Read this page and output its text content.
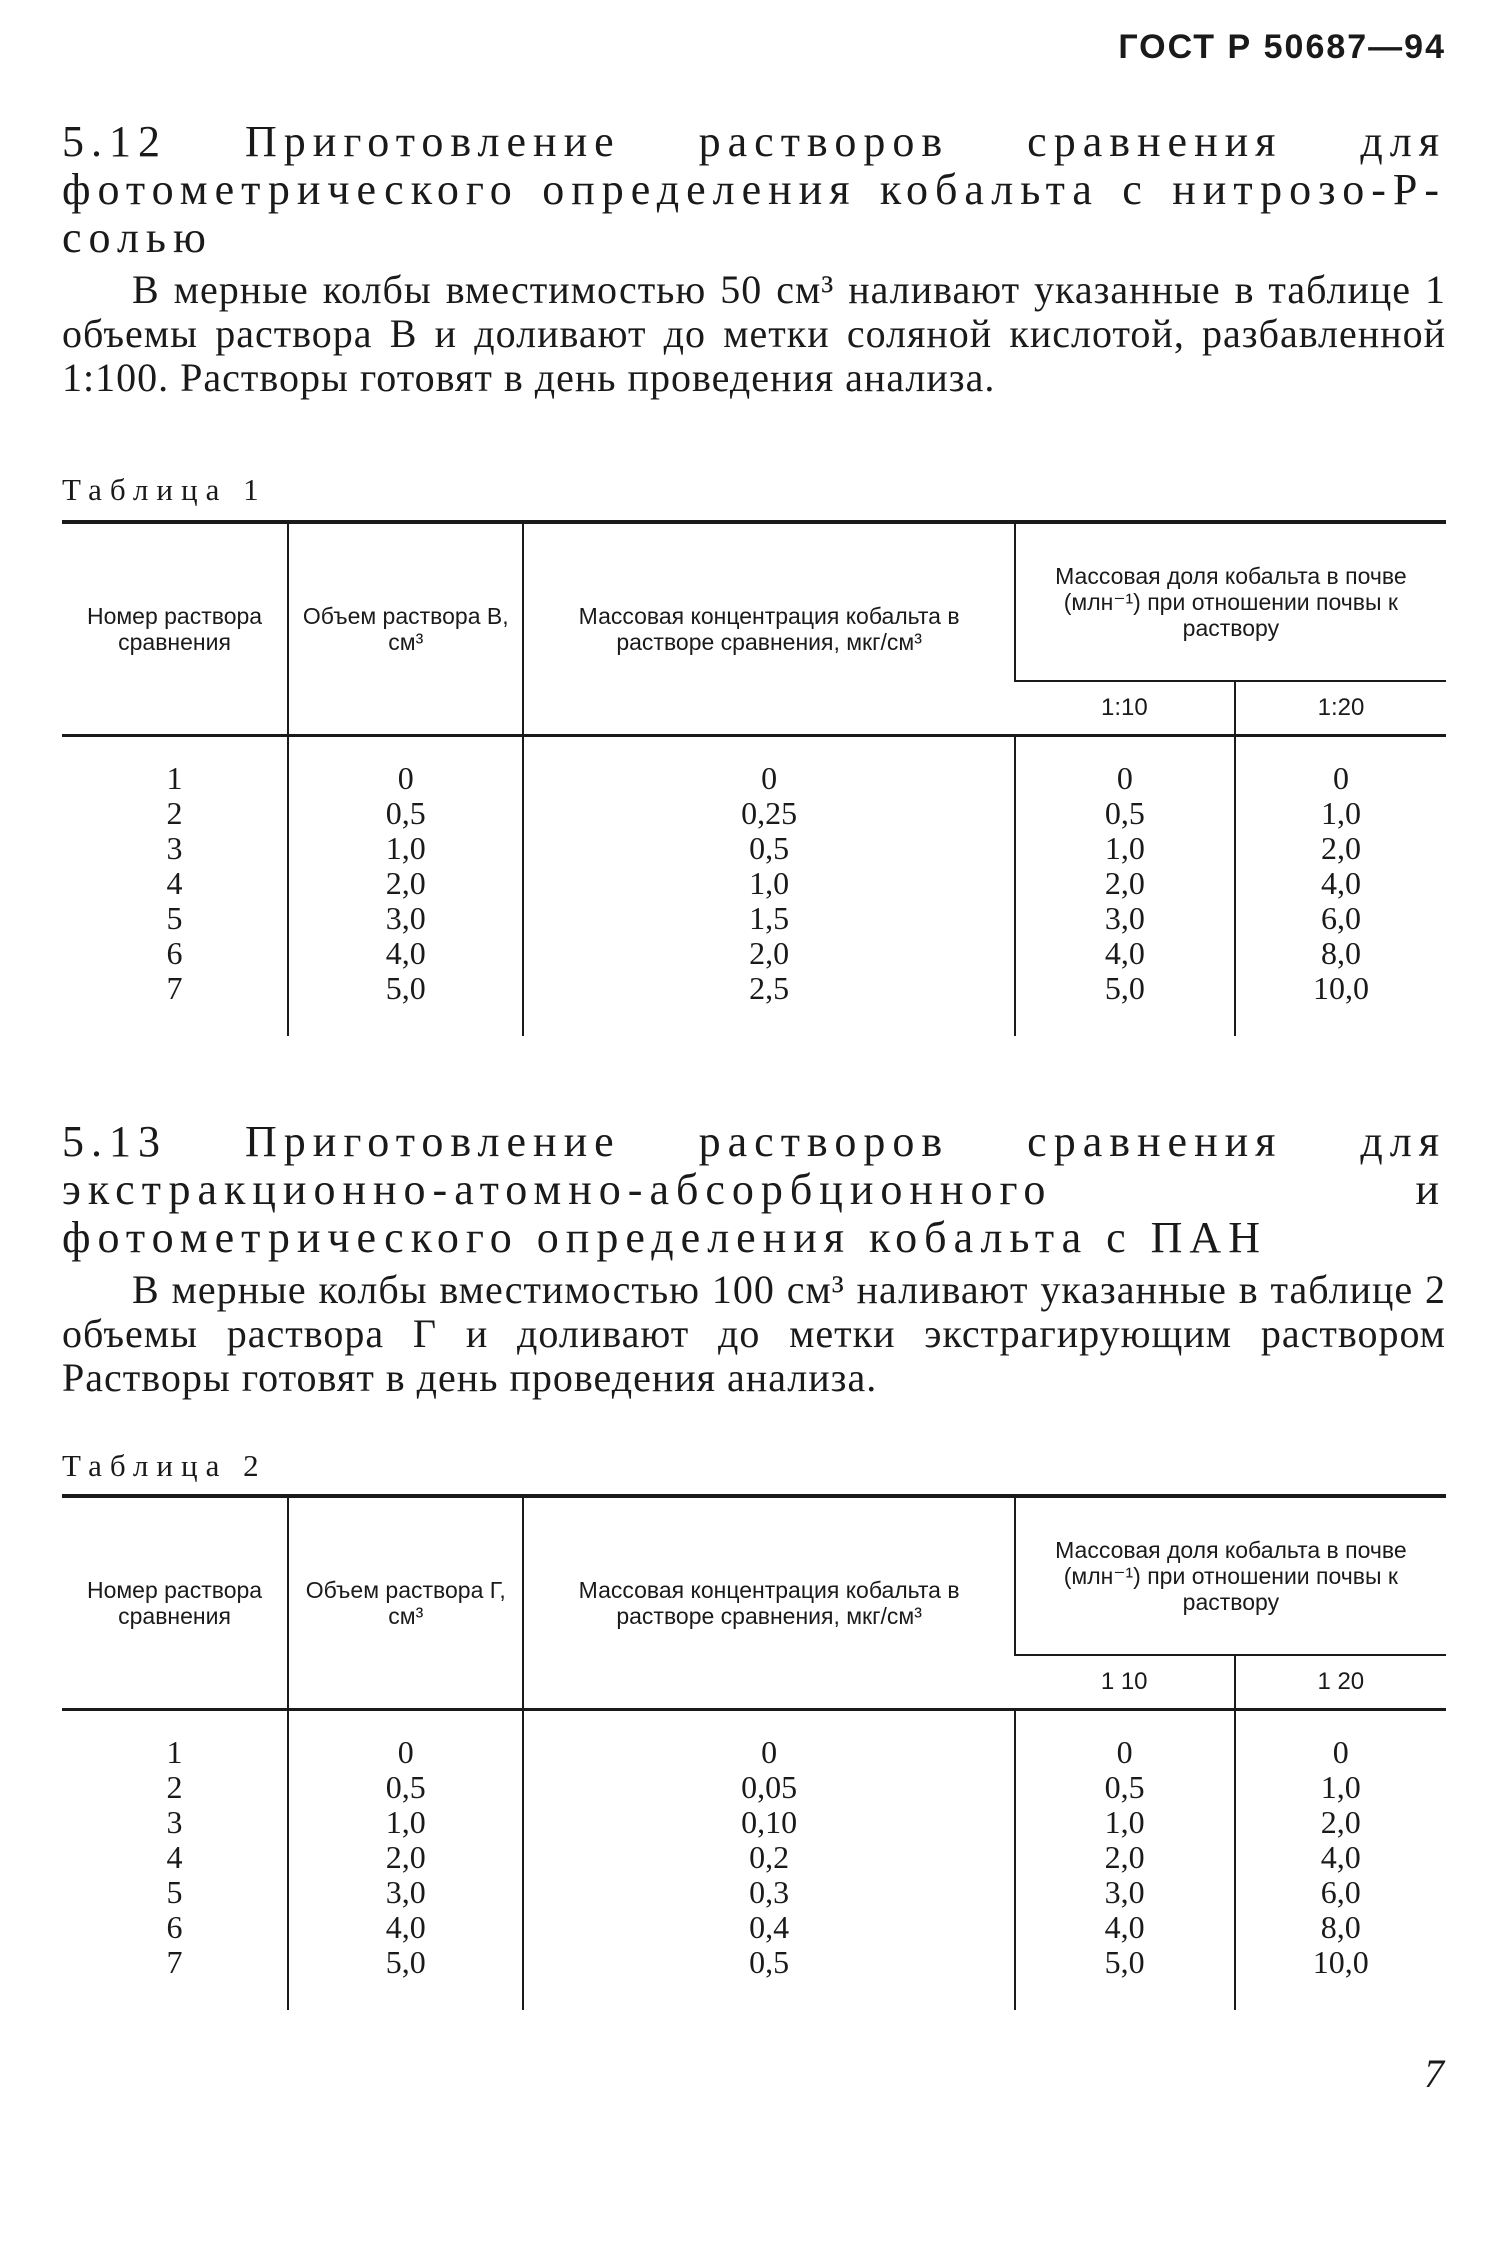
ГОСТ Р 50687—94

5.12 Приготовление растворов сравнения для фотометрического определения кобальта с нитрозо-Р-солью

В мерные колбы вместимостью 50 см³ наливают указанные в таблице 1 объемы раствора В и доливают до метки соляной кислотой, разбавленной 1:100. Растворы готовят в день проведения анализа.

Таблица 1
Номер раствора сравнения	Объем раствора В, см³	Массовая концентрация кобальта в растворе сравнения, мкг/см³	Массовая доля кобальта в почве (млн⁻¹) при отношении почвы к раствору	
			1:10	1:20
1	0	0	0	0
2	0,5	0,25	0,5	1,0
3	1,0	0,5	1,0	2,0
4	2,0	1,0	2,0	4,0
5	3,0	1,5	3,0	6,0
6	4,0	2,0	4,0	8,0
7	5,0	2,5	5,0	10,0

5.13 Приготовление растворов сравнения для экстракционно-атомно-абсорбционного и фотометрического определения кобальта с ПАН

В мерные колбы вместимостью 100 см³ наливают указанные в таблице 2 объемы раствора Г и доливают до метки экстрагирующим раствором Растворы готовят в день проведения анализа.

Таблица 2
Номер раствора сравнения	Объем раствора Г, см³	Массовая концентрация кобальта в растворе сравнения, мкг/см³	Массовая доля кобальта в почве (млн⁻¹) при отношении почвы к раствору	
			1 10	1 20
1	0	0	0	0
2	0,5	0,05	0,5	1,0
3	1,0	0,10	1,0	2,0
4	2,0	0,2	2,0	4,0
5	3,0	0,3	3,0	6,0
6	4,0	0,4	4,0	8,0
7	5,0	0,5	5,0	10,0
7
